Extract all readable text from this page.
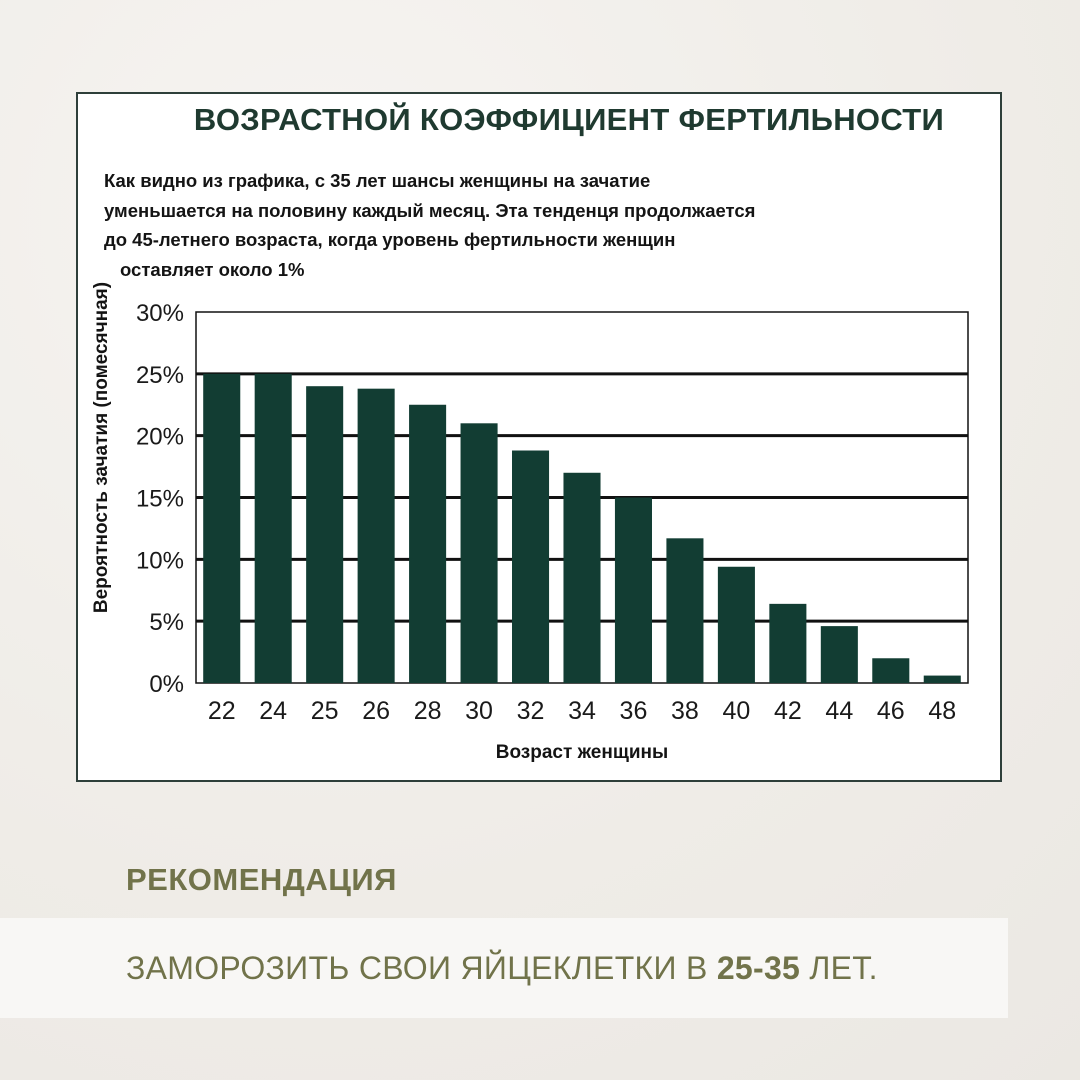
ВОЗРАСТНОЙ КОЭФФИЦИЕНТ ФЕРТИЛЬНОСТИ
Как видно из графика, с 35 лет шансы женщины на зачатие
уменьшается на половину каждый месяц. Эта тенденця продолжается
до 45-летнего возраста, когда уровень фертильности женщин
оставляет около 1%
0%
5%
10%
15%
20%
25%
30%
22 24 25 26 28 30 32 34 36 38 40 42 44 46 48
Возраст женщины
Вероятность зачатия (помесячная)
РЕКОМЕНДАЦИЯ
ЗАМОРОЗИТЬ СВОИ ЯЙЦЕКЛЕТКИ В 25-35 ЛЕТ.
